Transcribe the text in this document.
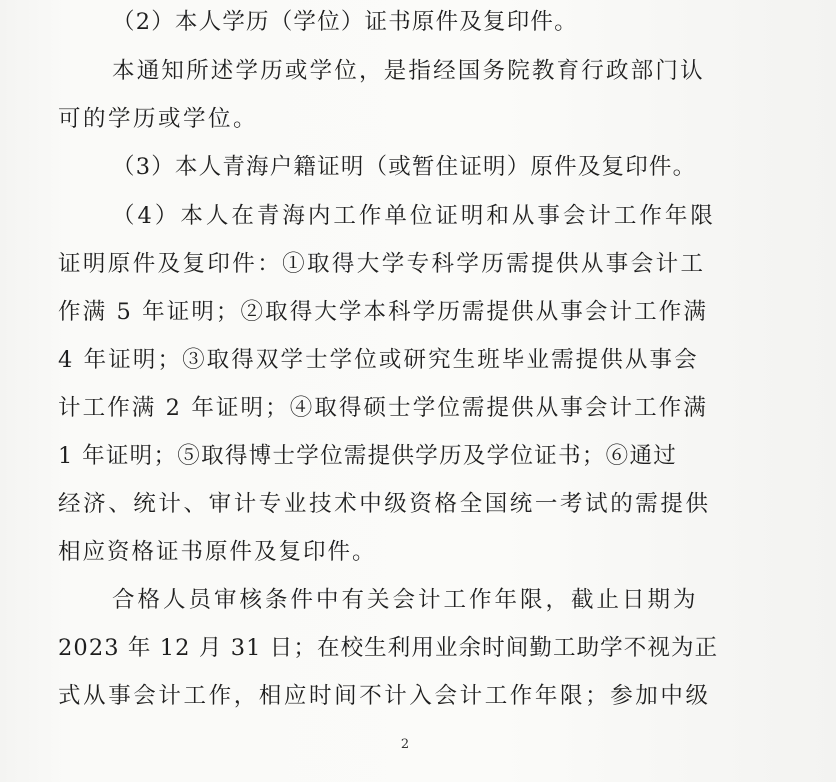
（2）本人学历（学位）证书原件及复印件。
本通知所述学历或学位，是指经国务院教育行政部门认
可的学历或学位。
（3）本人青海户籍证明（或暂住证明）原件及复印件。
（4）本人在青海内工作单位证明和从事会计工作年限
证明原件及复印件：①取得大学专科学历需提供从事会计工
作满 5 年证明；②取得大学本科学历需提供从事会计工作满
4 年证明；③取得双学士学位或研究生班毕业需提供从事会
计工作满 2 年证明；④取得硕士学位需提供从事会计工作满
1 年证明；⑤取得博士学位需提供学历及学位证书；⑥通过
经济、统计、审计专业技术中级资格全国统一考试的需提供
相应资格证书原件及复印件。
合格人员审核条件中有关会计工作年限，截止日期为
2023 年 12 月 31 日；在校生利用业余时间勤工助学不视为正
式从事会计工作，相应时间不计入会计工作年限；参加中级
2
